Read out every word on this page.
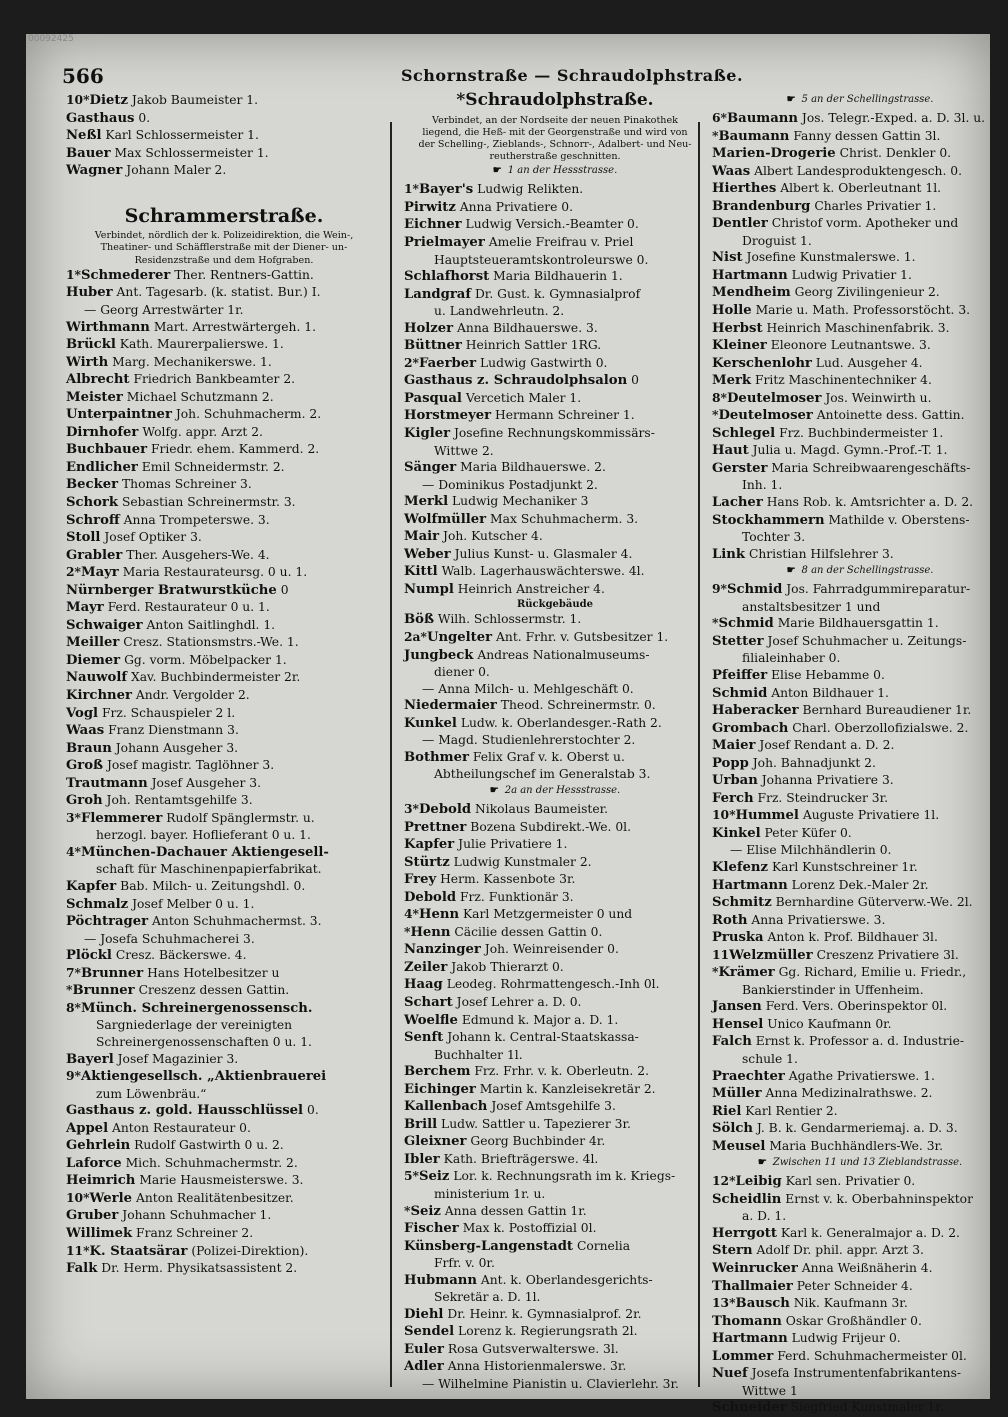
00092425
566	Schornstraße — Schraudolphstraße.
10*Dietz Jakob Baumeister 1.
Gasthaus 0.
Neßl Karl Schlossermeister 1.
Bauer Max Schlossermeister 1.
Wagner Johann Maler 2.
Schrammerstraße.
Verbindet, nördlich der k. Polizeidirektion, die Wein-,
Theatiner- und Schäfflerstraße mit der Diener- un-
Residenzstraße und dem Hofgraben.
1*Schmederer Ther. Rentners-Gattin.
Huber Ant. Tagesarb. (k. statist. Bur.) I.
— Georg Arrestwärter 1r.
Wirthmann Mart. Arrestwärtergeh. 1.
Brückl Kath. Maurerpalierswe. 1.
Wirth Marg. Mechanikerswe. 1.
Albrecht Friedrich Bankbeamter 2.
Meister Michael Schutzmann 2.
Unterpaintner Joh. Schuhmacherm. 2.
Dirnhofer Wolfg. appr. Arzt 2.
Buchbauer Friedr. ehem. Kammerd. 2.
Endlicher Emil Schneidermstr. 2.
Becker Thomas Schreiner 3.
Schork Sebastian Schreinermstr. 3.
Schroff Anna Trompeterswe. 3.
Stoll Josef Optiker 3.
Grabler Ther. Ausgehers-We. 4.
2*Mayr Maria Restaurateursg. 0 u. 1.
Nürnberger Bratwurstküche 0
Mayr Ferd. Restaurateur 0 u. 1.
Schwaiger Anton Saitlinghdl. 1.
Meiller Cresz. Stationsmstrs.-We. 1.
Diemer Gg. vorm. Möbelpacker 1.
Nauwolf Xav. Buchbindermeister 2r.
Kirchner Andr. Vergolder 2.
Vogl Frz. Schauspieler 2 l.
Waas Franz Dienstmann 3.
Braun Johann Ausgeher 3.
Groß Josef magistr. Taglöhner 3.
Trautmann Josef Ausgeher 3.
Groh Joh. Rentamtsgehilfe 3.
3*Flemmerer Rudolf Spänglermstr. u.
herzogl. bayer. Hoflieferant 0 u. 1.
4*München-Dachauer Aktiengesell-
schaft für Maschinenpapierfabrikat.
Kapfer Bab. Milch- u. Zeitungshdl. 0.
Schmalz Josef Melber 0 u. 1.
Pöchtrager Anton Schuhmachermst. 3.
— Josefa Schuhmacherei 3.
Plöckl Cresz. Bäckerswe. 4.
7*Brunner Hans Hotelbesitzer u
*Brunner Creszenz dessen Gattin.
8*Münch. Schreinergenossensch.
Sargniederlage der vereinigten
Schreinergenossenschaften 0 u. 1.
Bayerl Josef Magazinier 3.
9*Aktiengesellsch. „Aktienbrauerei
zum Löwenbräu.“
Gasthaus z. gold. Hausschlüssel 0.
Appel Anton Restaurateur 0.
Gehrlein Rudolf Gastwirth 0 u. 2.
Laforce Mich. Schuhmachermstr. 2.
Heimrich Marie Hausmeisterswe. 3.
10*Werle Anton Realitätenbesitzer.
Gruber Johann Schuhmacher 1.
Willimek Franz Schreiner 2.
11*K. Staatsärar (Polizei-Direktion).
Falk Dr. Herm. Physikatsassistent 2.
*Schraudolphstraße.
Verbindet, an der Nordseite der neuen Pinakothek
liegend, die Heß- mit der Georgenstraße und wird von
der Schelling-, Zieblands-, Schnorr-, Adalbert- und Neu-
reutherstraße geschnitten.
☛ 1 an der Hessstrasse.
1*Bayer's Ludwig Relikten.
Pirwitz Anna Privatiere 0.
Eichner Ludwig Versich.-Beamter 0.
Prielmayer Amelie Freifrau v. Priel
Hauptsteueramtskontroleurswe 0.
Schlafhorst Maria Bildhauerin 1.
Landgraf Dr. Gust. k. Gymnasialprof
u. Landwehrleutn. 2.
Holzer Anna Bildhauerswe. 3.
Büttner Heinrich Sattler 1RG.
2*Faerber Ludwig Gastwirth 0.
Gasthaus z. Schraudolphsalon 0
Pasqual Vercetich Maler 1.
Horstmeyer Hermann Schreiner 1.
Kigler Josefine Rechnungskommissärs-
Wittwe 2.
Sänger Maria Bildhauerswe. 2.
— Dominikus Postadjunkt 2.
Merkl Ludwig Mechaniker 3
Wolfmüller Max Schuhmacherm. 3.
Mair Joh. Kutscher 4.
Weber Julius Kunst- u. Glasmaler 4.
Kittl Walb. Lagerhauswächterswe. 4l.
Numpl Heinrich Anstreicher 4.
Rückgebäude
Böß Wilh. Schlossermstr. 1.
2a*Ungelter Ant. Frhr. v. Gutsbesitzer 1.
Jungbeck Andreas Nationalmuseums-
diener 0.
— Anna Milch- u. Mehlgeschäft 0.
Niedermaier Theod. Schreinermstr. 0.
Kunkel Ludw. k. Oberlandesger.-Rath 2.
— Magd. Studienlehrerstochter 2.
Bothmer Felix Graf v. k. Oberst u.
Abtheilungschef im Generalstab 3.
☛ 2a an der Hessstrasse.
3*Debold Nikolaus Baumeister.
Prettner Bozena Subdirekt.-We. 0l.
Kapfer Julie Privatiere 1.
Stürtz Ludwig Kunstmaler 2.
Frey Herm. Kassenbote 3r.
Debold Frz. Funktionär 3.
4*Henn Karl Metzgermeister 0 und
*Henn Cäcilie dessen Gattin 0.
Nanzinger Joh. Weinreisender 0.
Zeiler Jakob Thierarzt 0.
Haag Leodeg. Rohrmattengesch.-Inh 0l.
Schart Josef Lehrer a. D. 0.
Woelfle Edmund k. Major a. D. 1.
Senft Johann k. Central-Staatskassa-
Buchhalter 1l.
Berchem Frz. Frhr. v. k. Oberleutn. 2.
Eichinger Martin k. Kanzleisekretär 2.
Kallenbach Josef Amtsgehilfe 3.
Brill Ludw. Sattler u. Tapezierer 3r.
Gleixner Georg Buchbinder 4r.
Ibler Kath. Briefträgerswe. 4l.
5*Seiz Lor. k. Rechnungsrath im k. Kriegs-
ministerium 1r. u.
*Seiz Anna dessen Gattin 1r.
Fischer Max k. Postoffizial 0l.
Künsberg-Langenstadt Cornelia
Frfr. v. 0r.
Hubmann Ant. k. Oberlandesgerichts-
Sekretär a. D. 1l.
Diehl Dr. Heinr. k. Gymnasialprof. 2r.
Sendel Lorenz k. Regierungsrath 2l.
Euler Rosa Gutsverwalterswe. 3l.
Adler Anna Historienmalerswe. 3r.
— Wilhelmine Pianistin u. Clavierlehr. 3r.
☛ 5 an der Schellingstrasse.
6*Baumann Jos. Telegr.-Exped. a. D. 3l. u.
*Baumann Fanny dessen Gattin 3l.
Marien-Drogerie Christ. Denkler 0.
Waas Albert Landesproduktengesch. 0.
Hierthes Albert k. Oberleutnant 1l.
Brandenburg Charles Privatier 1.
Dentler Christof vorm. Apotheker und
Droguist 1.
Nist Josefine Kunstmalerswe. 1.
Hartmann Ludwig Privatier 1.
Mendheim Georg Zivilingenieur 2.
Holle Marie u. Math. Professorstöcht. 3.
Herbst Heinrich Maschinenfabrik. 3.
Kleiner Eleonore Leutnantswe. 3.
Kerschenlohr Lud. Ausgeher 4.
Merk Fritz Maschinentechniker 4.
8*Deutelmoser Jos. Weinwirth u.
*Deutelmoser Antoinette dess. Gattin.
Schlegel Frz. Buchbindermeister 1.
Haut Julia u. Magd. Gymn.-Prof.-T. 1.
Gerster Maria Schreibwaarengeschäfts-
Inh. 1.
Lacher Hans Rob. k. Amtsrichter a. D. 2.
Stockhammern Mathilde v. Oberstens-
Tochter 3.
Link Christian Hilfslehrer 3.
☛ 8 an der Schellingstrasse.
9*Schmid Jos. Fahrradgummireparatur-
anstaltsbesitzer 1 und
*Schmid Marie Bildhauersgattin 1.
Stetter Josef Schuhmacher u. Zeitungs-
filialeinhaber 0.
Pfeiffer Elise Hebamme 0.
Schmid Anton Bildhauer 1.
Haberacker Bernhard Bureaudiener 1r.
Grombach Charl. Oberzollofizialswe. 2.
Maier Josef Rendant a. D. 2.
Popp Joh. Bahnadjunkt 2.
Urban Johanna Privatiere 3.
Ferch Frz. Steindrucker 3r.
10*Hummel Auguste Privatiere 1l.
Kinkel Peter Küfer 0.
— Elise Milchhändlerin 0.
Klefenz Karl Kunstschreiner 1r.
Hartmann Lorenz Dek.-Maler 2r.
Schmitz Bernhardine Güterverw.-We. 2l.
Roth Anna Privatierswe. 3.
Pruska Anton k. Prof. Bildhauer 3l.
11Welzmüller Creszenz Privatiere 3l.
*Krämer Gg. Richard, Emilie u. Friedr.,
Bankierstinder in Uffenheim.
Jansen Ferd. Vers. Oberinspektor 0l.
Hensel Unico Kaufmann 0r.
Falch Ernst k. Professor a. d. Industrie-
schule 1.
Praechter Agathe Privatierswe. 1.
Müller Anna Medizinalrathswe. 2.
Riel Karl Rentier 2.
Sölch J. B. k. Gendarmeriemaj. a. D. 3.
Meusel Maria Buchhändlers-We. 3r.
☛ Zwischen 11 und 13 Zieblandstrasse.
12*Leibig Karl sen. Privatier 0.
Scheidlin Ernst v. k. Oberbahninspektor
a. D. 1.
Herrgott Karl k. Generalmajor a. D. 2.
Stern Adolf Dr. phil. appr. Arzt 3.
Weinrucker Anna Weißnäherin 4.
Thallmaier Peter Schneider 4.
13*Bausch Nik. Kaufmann 3r.
Thomann Oskar Großhändler 0.
Hartmann Ludwig Frijeur 0.
Lommer Ferd. Schuhmachermeister 0l.
Nuef Josefa Instrumentenfabrikantens-
Wittwe 1
Schneider Siegfried Kunstmaler 1r.
